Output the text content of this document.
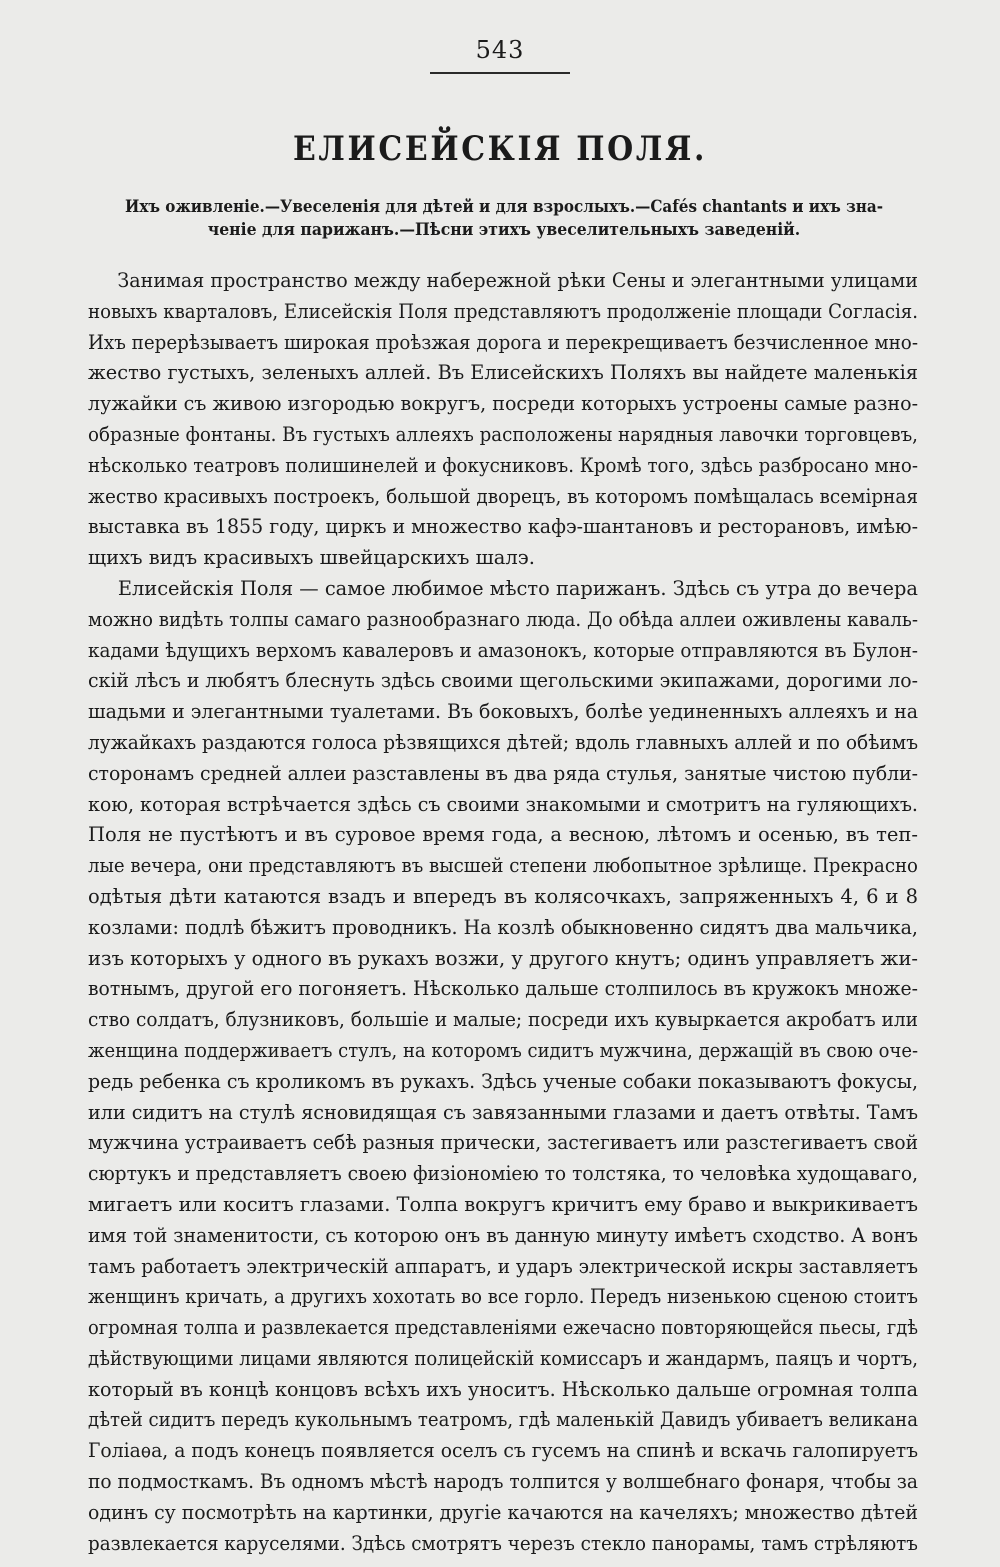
543
ЕЛИСЕЙСКІЯ ПОЛЯ.
Ихъ оживленіе.—Увеселенія для дѣтей и для взрослыхъ.—Cafés chantants и ихъ зна-
ченіе для парижанъ.—Пѣсни этихъ увеселительныхъ заведеній.
Занимая пространство между набережной рѣки Сены и элегантными улицами
новыхъ кварталовъ, Елисейскія Поля представляютъ продолженіе площади Согласія.
Ихъ перерѣзываетъ широкая проѣзжая дорога и перекрещиваетъ безчисленное мно-
жество густыхъ, зеленыхъ аллей. Въ Елисейскихъ Поляхъ вы найдете маленькія
лужайки съ живою изгородью вокругъ, посреди которыхъ устроены самые разно-
образные фонтаны. Въ густыхъ аллеяхъ расположены нарядныя лавочки торговцевъ,
нѣсколько театровъ полишинелей и фокусниковъ. Кромѣ того, здѣсь разбросано мно-
жество красивыхъ построекъ, большой дворецъ, въ которомъ помѣщалась всемірная
выставка въ 1855 году, циркъ и множество кафэ-шантановъ и ресторановъ, имѣю-
щихъ видъ красивыхъ швейцарскихъ шалэ.
Елисейскія Поля — самое любимое мѣсто парижанъ. Здѣсь съ утра до вечера
можно видѣть толпы самаго разнообразнаго люда. До обѣда аллеи оживлены каваль-
кадами ѣдущихъ верхомъ кавалеровъ и амазонокъ, которые отправляются въ Булон-
скій лѣсъ и любятъ блеснуть здѣсь своими щегольскими экипажами, дорогими ло-
шадьми и элегантными туалетами. Въ боковыхъ, болѣе уединенныхъ аллеяхъ и на
лужайкахъ раздаются голоса рѣзвящихся дѣтей; вдоль главныхъ аллей и по обѣимъ
сторонамъ средней аллеи разставлены въ два ряда стулья, занятые чистою публи-
кою, которая встрѣчается здѣсь съ своими знакомыми и смотритъ на гуляющихъ.
Поля не пустѣютъ и въ суровое время года, а весною, лѣтомъ и осенью, въ теп-
лые вечера, они представляютъ въ высшей степени любопытное зрѣлище. Прекрасно
одѣтыя дѣти катаются взадъ и впередъ въ колясочкахъ, запряженныхъ 4, 6 и 8
козлами: подлѣ бѣжитъ проводникъ. На козлѣ обыкновенно сидятъ два мальчика,
изъ которыхъ у одного въ рукахъ возжи, у другого кнутъ; одинъ управляетъ жи-
вотнымъ, другой его погоняетъ. Нѣсколько дальше столпилось въ кружокъ множе-
ство солдатъ, блузниковъ, большіе и малые; посреди ихъ кувыркается акробатъ или
женщина поддерживаетъ стулъ, на которомъ сидитъ мужчина, держащій въ свою оче-
редь ребенка съ кроликомъ въ рукахъ. Здѣсь ученые собаки показываютъ фокусы,
или сидитъ на стулѣ ясновидящая съ завязанными глазами и даетъ отвѣты. Тамъ
мужчина устраиваетъ себѣ разныя прически, застегиваетъ или разстегиваетъ свой
сюртукъ и представляетъ своею физіономіею то толстяка, то человѣка худощаваго,
мигаетъ или коситъ глазами. Толпа вокругъ кричитъ ему браво и выкрикиваетъ
имя той знаменитости, съ которою онъ въ данную минуту имѣетъ сходство. А вонъ
тамъ работаетъ электрическій аппаратъ, и ударъ электрической искры заставляетъ
женщинъ кричать, а другихъ хохотать во все горло. Передъ низенькою сценою стоитъ
огромная толпа и развлекается представленіями ежечасно повторяющейся пьесы, гдѣ
дѣйствующими лицами являются полицейскій комиссаръ и жандармъ, паяцъ и чортъ,
который въ концѣ концовъ всѣхъ ихъ уноситъ. Нѣсколько дальше огромная толпа
дѣтей сидитъ передъ кукольнымъ театромъ, гдѣ маленькій Давидъ убиваетъ великана
Голіаѳа, а подъ конецъ появляется оселъ съ гусемъ на спинѣ и вскачь галопируетъ
по подмосткамъ. Въ одномъ мѣстѣ народъ толпится у волшебнаго фонаря, чтобы за
одинъ су посмотрѣть на картинки, другіе качаются на качеляхъ; множество дѣтей
развлекается каруселями. Здѣсь смотрятъ черезъ стекло панорамы, тамъ стрѣляютъ
